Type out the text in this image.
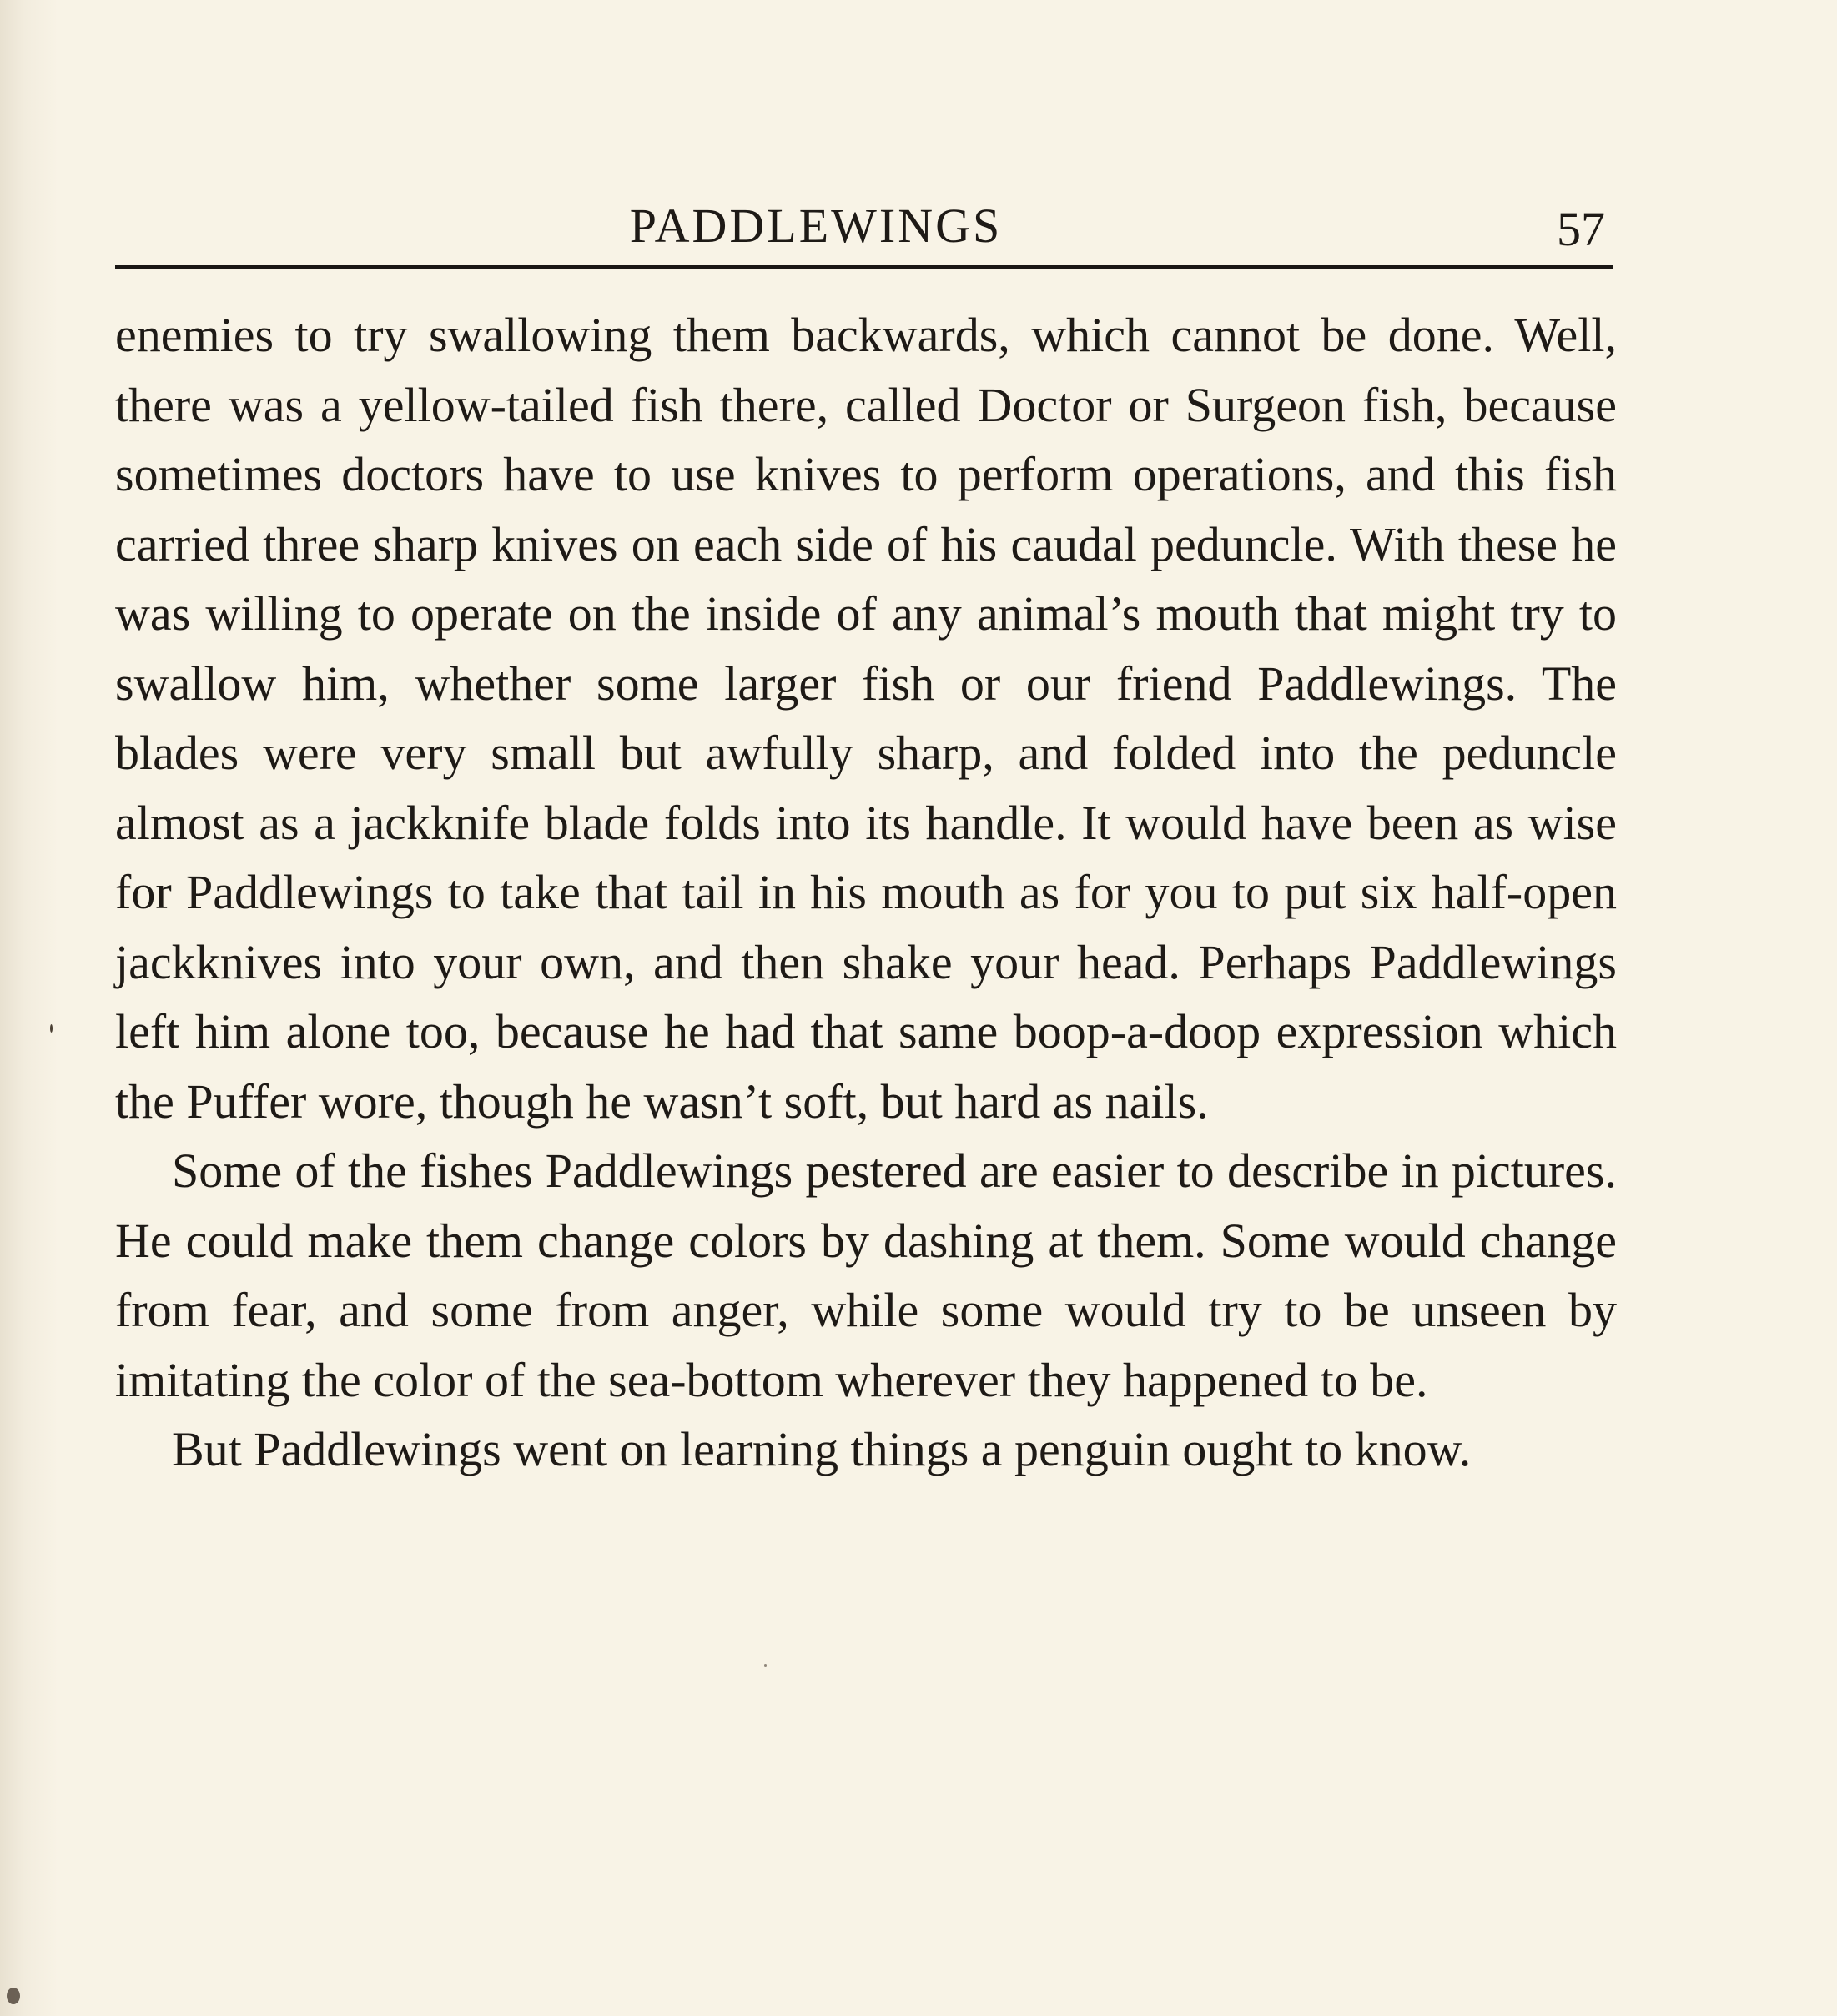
PADDLEWINGS	57

enemies to try swallowing them backwards, which cannot be done. Well, there was a yellow-tailed fish there, called Doctor or Surgeon fish, because sometimes doctors have to use knives to perform operations, and this fish carried three sharp knives on each side of his caudal peduncle. With these he was willing to operate on the inside of any animal’s mouth that might try to swallow him, whether some larger fish or our friend Paddlewings. The blades were very small but awfully sharp, and folded into the peduncle almost as a jackknife blade folds into its handle. It would have been as wise for Paddlewings to take that tail in his mouth as for you to put six half-open jackknives into your own, and then shake your head. Perhaps Paddlewings left him alone too, because he had that same boop-a-doop expression which the Puffer wore, though he wasn’t soft, but hard as nails.

Some of the fishes Paddlewings pestered are easier to describe in pictures. He could make them change colors by dashing at them. Some would change from fear, and some from anger, while some would try to be unseen by imitating the color of the sea-bottom wherever they happened to be.

But Paddlewings went on learning things a penguin ought to know.
